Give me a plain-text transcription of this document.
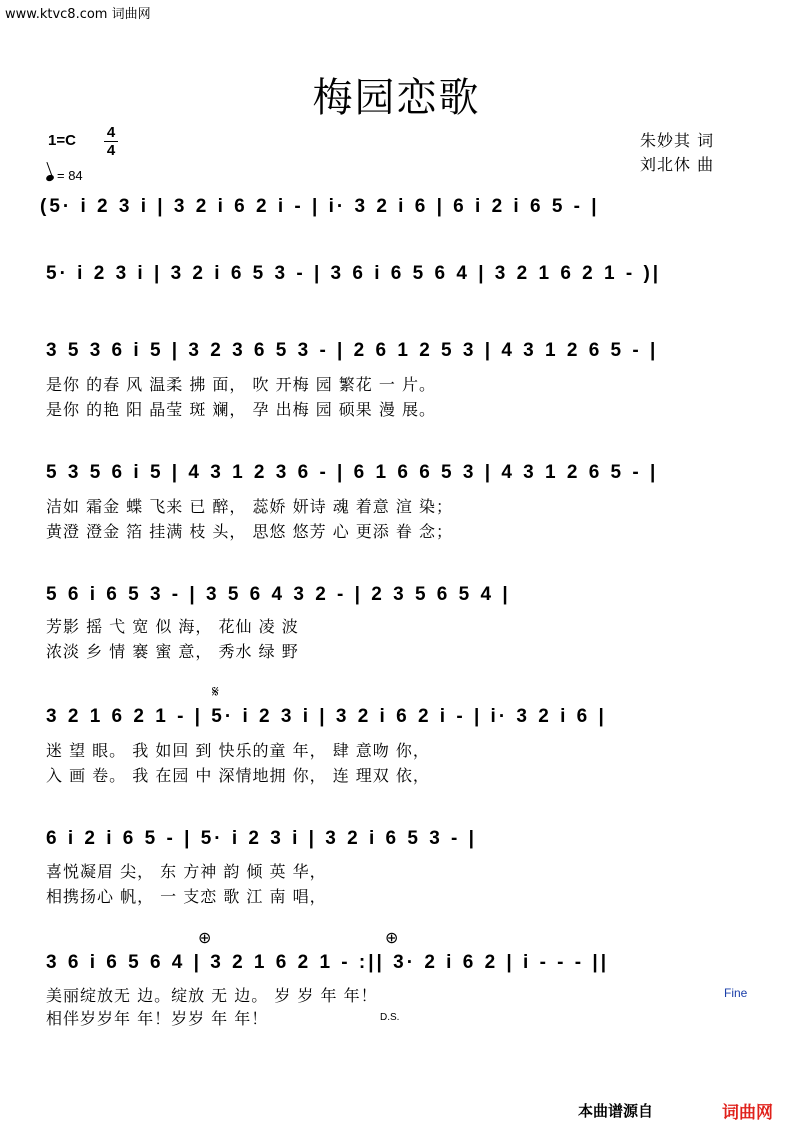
www.ktvc8.com 词曲网
梅园恋歌
1=C 4
4
= 84
朱妙其 词
刘北休 曲
(5· i 2 3 i | 3 2 i 6 2 i - | i· 3 2 i 6 | 6 i 2 i 6 5 - |
5· i 2 3 i | 3 2 i 6 5 3 - | 3 6 i 6 5 6 4 | 3 2 1 6 2 1 - )|
3 5 3 6 i 5 | 3 2 3 6 5 3 - | 2 6 1 2 5 3 | 4 3 1 2 6 5 - |
是你 的春 风 温柔 拂 面， 吹 开梅 园 繁花 一 片。
是你 的艳 阳 晶莹 斑 斓， 孕 出梅 园 硕果 漫 展。
5 3 5 6 i 5 | 4 3 1 2 3 6 - | 6 1 6 6 5 3 | 4 3 1 2 6 5 - |
洁如 霜金 蝶 飞来 已 醉， 蕊娇 妍诗 魂 着意 渲 染；
黄澄 澄金 箔 挂满 枝 头， 思悠 悠芳 心 更添 眷 念；
5 6 i 6 5 3 - | 3 5 6 4 3 2 - | 2 3 5 6 5 4 |
芳影 摇 弋 宽 似 海， 花仙 凌 波
浓淡 乡 情 褰 蜜 意， 秀水 绿 野
𝄋
3 2 1 6 2 1 - | 5· i 2 3 i | 3 2 i 6 2 i - | i· 3 2 i 6 |
迷 望 眼。 我 如回 到 快乐的童 年， 肆 意吻 你，
入 画 卷。 我 在园 中 深情地拥 你， 连 理双 依，
6 i 2 i 6 5 - | 5· i 2 3 i | 3 2 i 6 5 3 - |
喜悦凝眉 尖， 东 方神 韵 倾 英 华，
相携扬心 帆， 一 支恋 歌 江 南 唱，
⊕	⊕
3 6 i 6 5 6 4 | 3 2 1 6 2 1 - :|| 3· 2 i 6 2 | i - - - ||
美丽绽放无 边。绽放 无 边。 岁 岁 年 年！
相伴岁岁年 年！岁岁 年 年！
Fine
D.S.
本曲谱源自	词曲网
